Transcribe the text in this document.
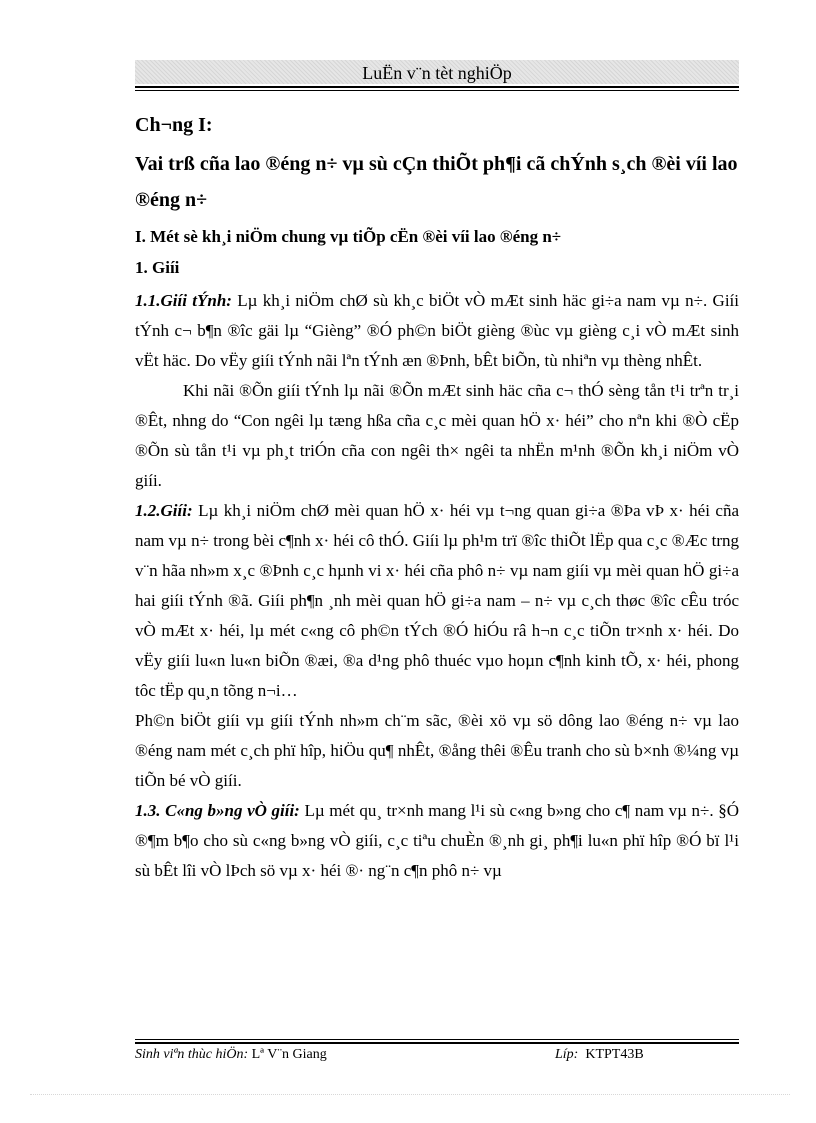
LuËn v¨n tèt nghiÖp
Ch¬ng I:
Vai trß cña lao ®éng n÷ vµ sù cÇn thiÕt ph¶i cã chÝnh s¸ch ®èi víi lao ®éng n÷
I. Mét sè kh¸i niÖm chung vµ tiÕp cËn ®èi víi lao ®éng n÷
1. Giíi

1.1.Giíi tÝnh: Lµ kh¸i niÖm chØ sù kh¸c biÖt vÒ mÆt sinh häc gi÷a nam vµ n÷. Giíi tÝnh c¬ b¶n ®îc gäi lµ “Gièng” ®Ó ph©n biÖt gièng ®ùc vµ gièng c¸i vÒ mÆt sinh vËt häc. Do vËy giíi tÝnh nãi lªn tÝnh æn ®Þnh, bÊt biÕn, tù nhiªn vµ thèng nhÊt.

Khi nãi ®Õn giíi tÝnh lµ nãi ®Õn mÆt sinh häc cña c¬ thÓ sèng tån t¹i trªn tr¸i ®Êt, nhng do “Con ngêi lµ tæng hßa cña c¸c mèi quan hÖ x· héi” cho nªn khi ®Ò cËp ®Õn sù tån t¹i vµ ph¸t triÓn cña con ngêi th× ngêi ta nhËn m¹nh ®Õn kh¸i niÖm vÒ giíi.

1.2.Giíi: Lµ kh¸i niÖm chØ mèi quan hÖ x· héi vµ t¬ng quan gi÷a ®Þa vÞ x· héi cña nam vµ n÷ trong bèi c¶nh x· héi cô thÓ. Giíi lµ ph¹m trï ®îc thiÕt lËp qua c¸c ®Æc trng v¨n hãa nh»m x¸c ®Þnh c¸c hµnh vi x· héi cña phô n÷ vµ nam giíi vµ mèi quan hÖ gi÷a hai giíi tÝnh ®ã. Giíi ph¶n ¸nh mèi quan hÖ gi÷a nam – n÷ vµ c¸ch thøc ®îc cÊu tróc vÒ mÆt x· héi, lµ mét c«ng cô ph©n tÝch ®Ó hiÓu râ h¬n c¸c tiÕn tr×nh x· héi. Do vËy giíi lu«n lu«n biÕn ®æi, ®a d¹ng phô thuéc vµo hoµn c¶nh kinh tÕ, x· héi, phong tôc tËp qu¸n tõng n¬i…

Ph©n biÖt giíi vµ giíi tÝnh nh»m ch¨m sãc, ®èi xö vµ sö dông lao ®éng n÷ vµ lao ®éng nam mét c¸ch phï hîp, hiÖu qu¶ nhÊt, ®ång thêi ®Êu tranh cho sù b×nh ®¼ng vµ tiÕn bé vÒ giíi.

1.3. C«ng b»ng vÒ giíi: Lµ mét qu¸ tr×nh mang l¹i sù c«ng b»ng cho c¶ nam vµ n÷. §Ó ®¶m b¶o cho sù c«ng b»ng vÒ giíi, c¸c tiªu chuÈn ®¸nh gi¸ ph¶i lu«n phï hîp ®Ó bï l¹i sù bÊt lîi vÒ lÞch sö vµ x· héi ®· ng¨n c¶n phô n÷ vµ

Sinh viªn thùc hiÖn: Lª V¨n Giang	Líp:  KTPT43B
